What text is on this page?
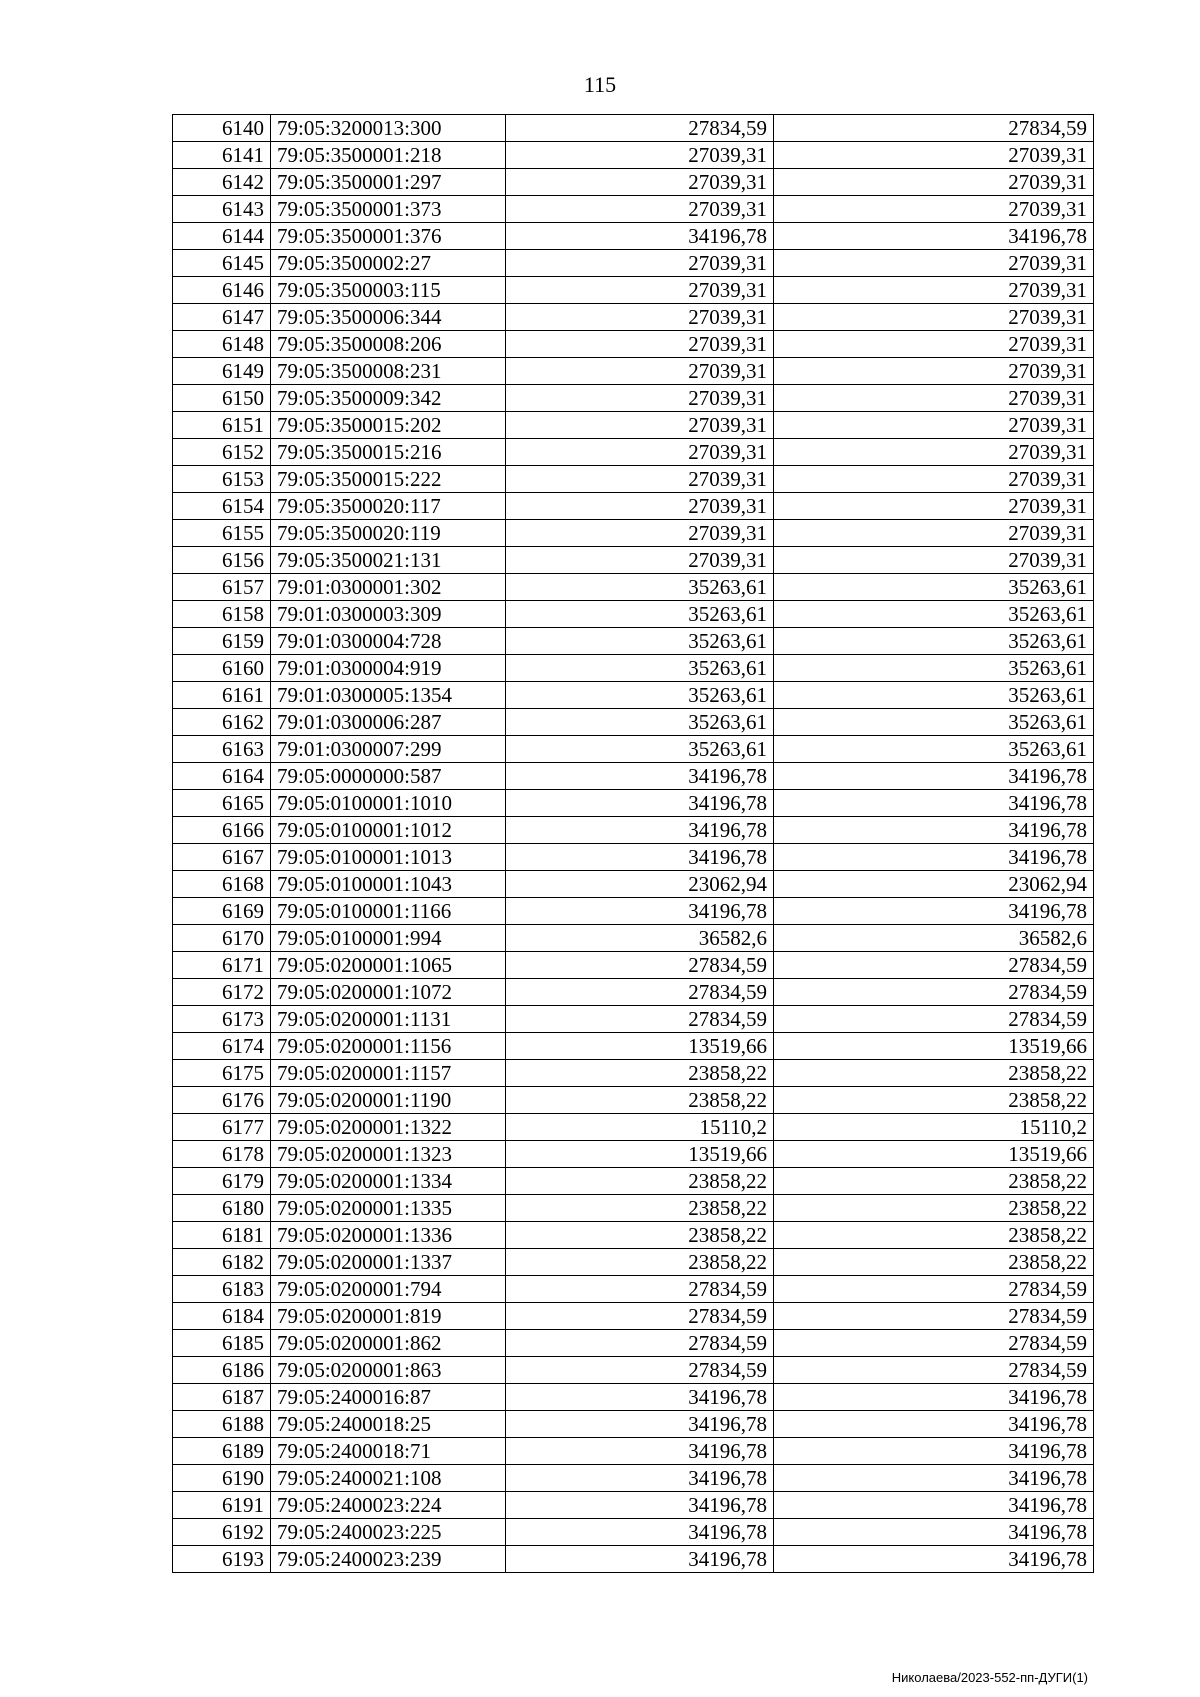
115
6140	79:05:3200013:300	27834,59	27834,59
6141	79:05:3500001:218	27039,31	27039,31
6142	79:05:3500001:297	27039,31	27039,31
6143	79:05:3500001:373	27039,31	27039,31
6144	79:05:3500001:376	34196,78	34196,78
6145	79:05:3500002:27	27039,31	27039,31
6146	79:05:3500003:115	27039,31	27039,31
6147	79:05:3500006:344	27039,31	27039,31
6148	79:05:3500008:206	27039,31	27039,31
6149	79:05:3500008:231	27039,31	27039,31
6150	79:05:3500009:342	27039,31	27039,31
6151	79:05:3500015:202	27039,31	27039,31
6152	79:05:3500015:216	27039,31	27039,31
6153	79:05:3500015:222	27039,31	27039,31
6154	79:05:3500020:117	27039,31	27039,31
6155	79:05:3500020:119	27039,31	27039,31
6156	79:05:3500021:131	27039,31	27039,31
6157	79:01:0300001:302	35263,61	35263,61
6158	79:01:0300003:309	35263,61	35263,61
6159	79:01:0300004:728	35263,61	35263,61
6160	79:01:0300004:919	35263,61	35263,61
6161	79:01:0300005:1354	35263,61	35263,61
6162	79:01:0300006:287	35263,61	35263,61
6163	79:01:0300007:299	35263,61	35263,61
6164	79:05:0000000:587	34196,78	34196,78
6165	79:05:0100001:1010	34196,78	34196,78
6166	79:05:0100001:1012	34196,78	34196,78
6167	79:05:0100001:1013	34196,78	34196,78
6168	79:05:0100001:1043	23062,94	23062,94
6169	79:05:0100001:1166	34196,78	34196,78
6170	79:05:0100001:994	36582,6	36582,6
6171	79:05:0200001:1065	27834,59	27834,59
6172	79:05:0200001:1072	27834,59	27834,59
6173	79:05:0200001:1131	27834,59	27834,59
6174	79:05:0200001:1156	13519,66	13519,66
6175	79:05:0200001:1157	23858,22	23858,22
6176	79:05:0200001:1190	23858,22	23858,22
6177	79:05:0200001:1322	15110,2	15110,2
6178	79:05:0200001:1323	13519,66	13519,66
6179	79:05:0200001:1334	23858,22	23858,22
6180	79:05:0200001:1335	23858,22	23858,22
6181	79:05:0200001:1336	23858,22	23858,22
6182	79:05:0200001:1337	23858,22	23858,22
6183	79:05:0200001:794	27834,59	27834,59
6184	79:05:0200001:819	27834,59	27834,59
6185	79:05:0200001:862	27834,59	27834,59
6186	79:05:0200001:863	27834,59	27834,59
6187	79:05:2400016:87	34196,78	34196,78
6188	79:05:2400018:25	34196,78	34196,78
6189	79:05:2400018:71	34196,78	34196,78
6190	79:05:2400021:108	34196,78	34196,78
6191	79:05:2400023:224	34196,78	34196,78
6192	79:05:2400023:225	34196,78	34196,78
6193	79:05:2400023:239	34196,78	34196,78
Николаева/2023-552-пп-ДУГИ(1)
